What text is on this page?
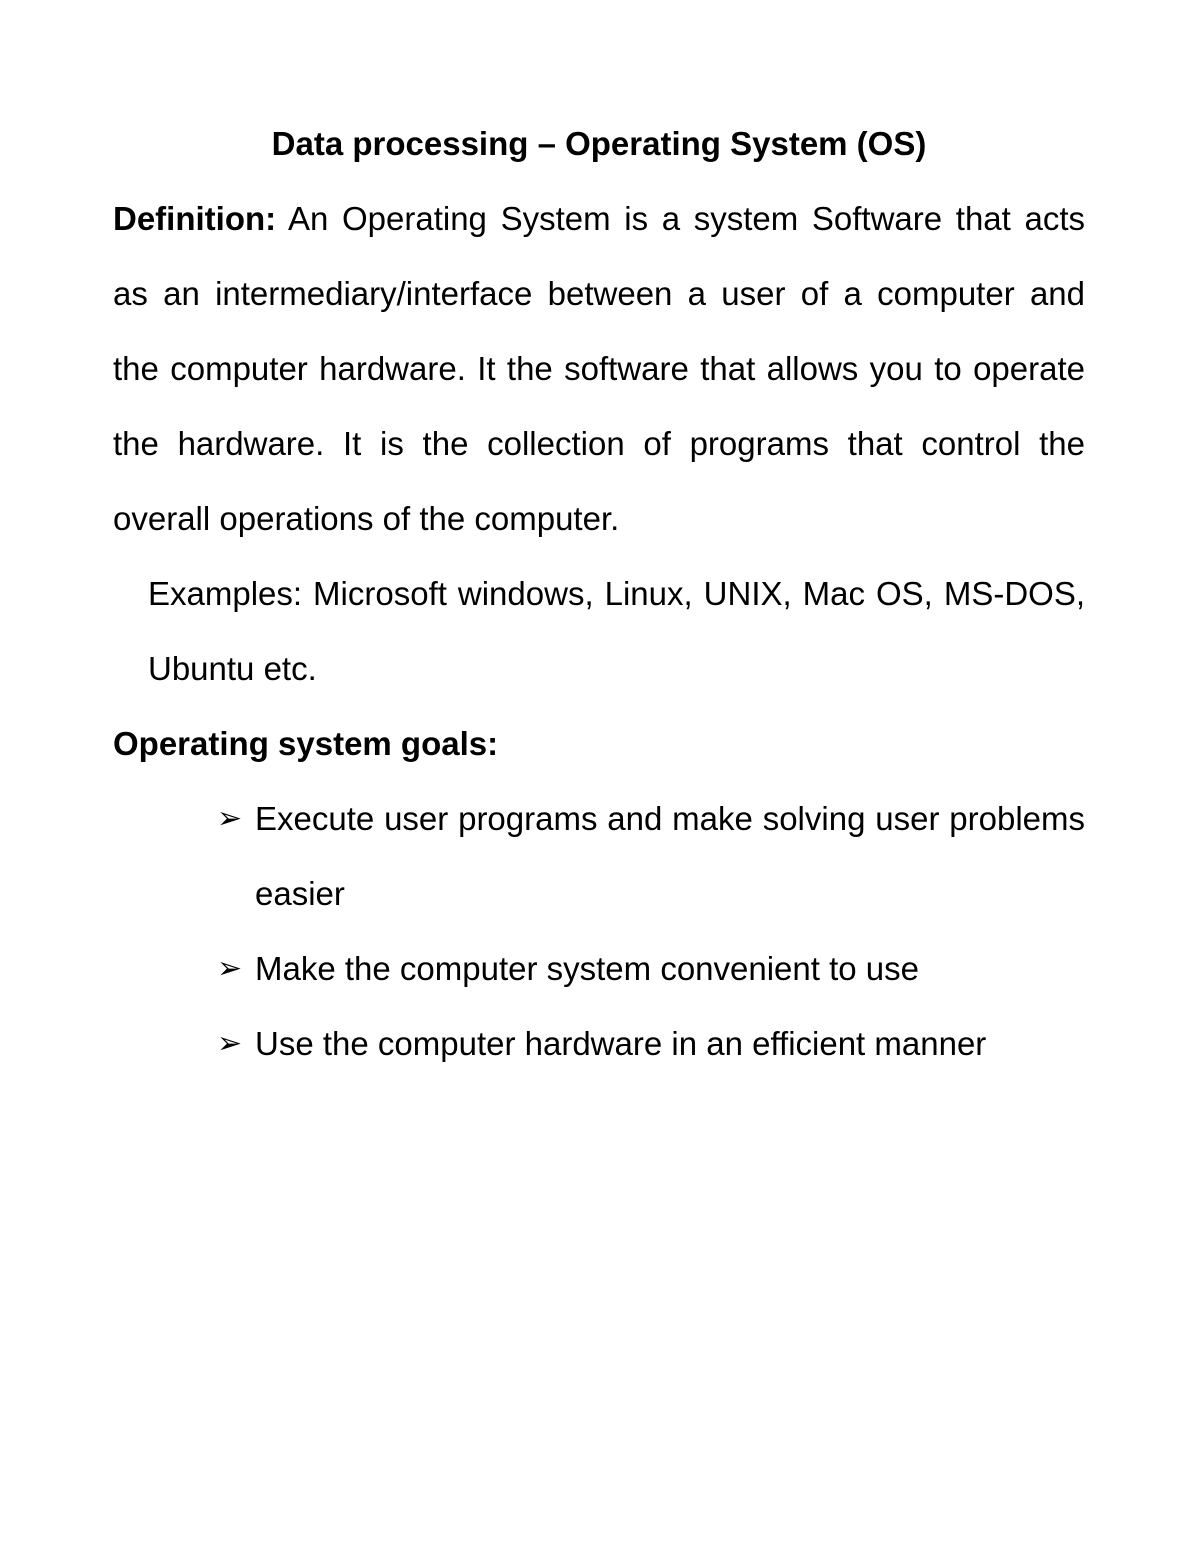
Data processing – Operating System (OS)

Definition: An Operating System is a system Software that acts as an intermediary/interface between a user of a computer and the computer hardware. It the software that allows you to operate the hardware. It is the collection of programs that control the overall operations of the computer.

Examples: Microsoft windows, Linux, UNIX, Mac OS, MS-DOS, Ubuntu etc.

Operating system goals:

➢ Execute user programs and make solving user problems easier
➢ Make the computer system convenient to use
➢ Use the computer hardware in an efficient manner
